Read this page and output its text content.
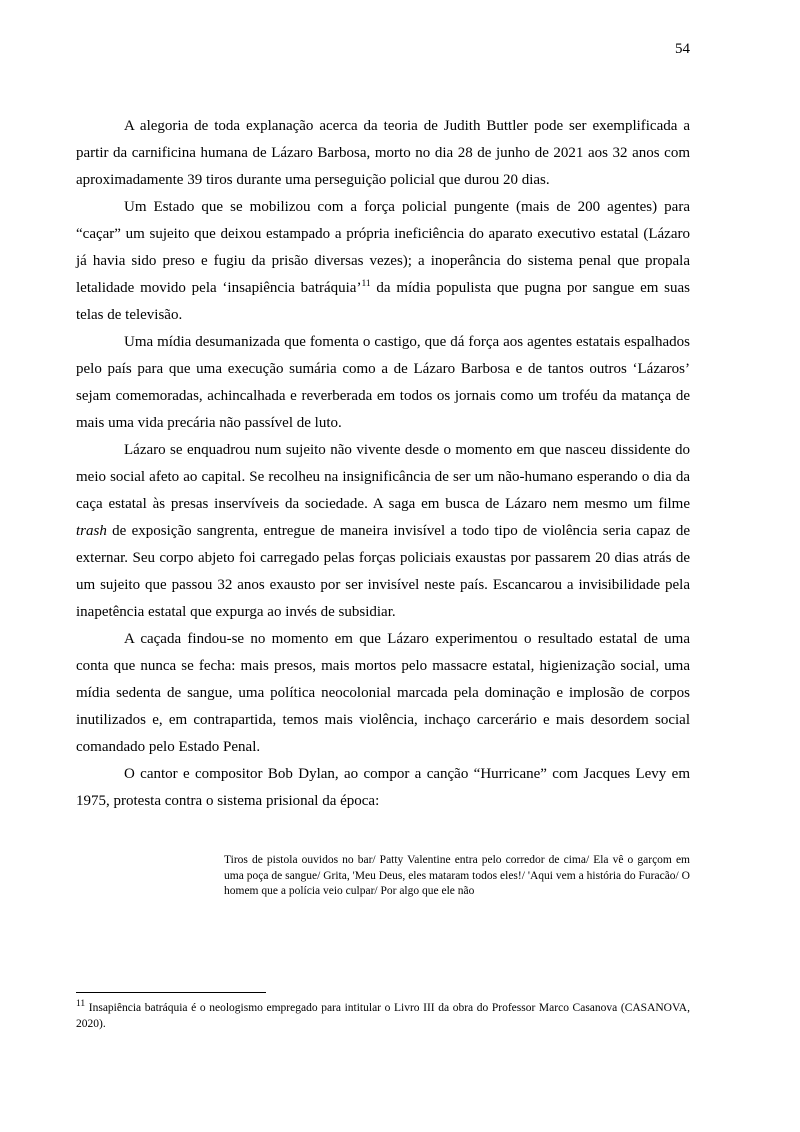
54

A alegoria de toda explanação acerca da teoria de Judith Buttler pode ser exemplificada a partir da carnificina humana de Lázaro Barbosa, morto no dia 28 de junho de 2021 aos 32 anos com aproximadamente 39 tiros durante uma perseguição policial que durou 20 dias.

Um Estado que se mobilizou com a força policial pungente (mais de 200 agentes) para “caçar” um sujeito que deixou estampado a própria ineficiência do aparato executivo estatal (Lázaro já havia sido preso e fugiu da prisão diversas vezes); a inoperância do sistema penal que propala letalidade movido pela ‘insapiência batráquia’$^{11}$ da mídia populista que pugna por sangue em suas telas de televisão.

Uma mídia desumanizada que fomenta o castigo, que dá força aos agentes estatais espalhados pelo país para que uma execução sumária como a de Lázaro Barbosa e de tantos outros ‘Lázaros’ sejam comemoradas, achincalhada e reverberada em todos os jornais como um troféu da matança de mais uma vida precária não passível de luto.

Lázaro se enquadrou num sujeito não vivente desde o momento em que nasceu dissidente do meio social afeto ao capital. Se recolheu na insignificância de ser um não-humano esperando o dia da caça estatal às presas inservíveis da sociedade. A saga em busca de Lázaro nem mesmo um filme trash de exposição sangrenta, entregue de maneira invisível a todo tipo de violência seria capaz de externar. Seu corpo abjeto foi carregado pelas forças policiais exaustas por passarem 20 dias atrás de um sujeito que passou 32 anos exausto por ser invisível neste país. Escancarou a invisibilidade pela inapetência estatal que expurga ao invés de subsidiar.

A caçada findou-se no momento em que Lázaro experimentou o resultado estatal de uma conta que nunca se fecha: mais presos, mais mortos pelo massacre estatal, higienização social, uma mídia sedenta de sangue, uma política neocolonial marcada pela dominação e implosão de corpos inutilizados e, em contrapartida, temos mais violência, inchaço carcerário e mais desordem social comandado pelo Estado Penal.

O cantor e compositor Bob Dylan, ao compor a canção “Hurricane” com Jacques Levy em 1975, protesta contra o sistema prisional da época:

Tiros de pistola ouvidos no bar/ Patty Valentine entra pelo corredor de cima/ Ela vê o garçom em uma poça de sangue/ Grita, 'Meu Deus, eles mataram todos eles!/ 'Aqui vem a história do Furacão/ O homem que a polícia veio culpar/ Por algo que ele não
$^{11}$ Insapiência batráquia é o neologismo empregado para intitular o Livro III da obra do Professor Marco Casanova (CASANOVA, 2020).
